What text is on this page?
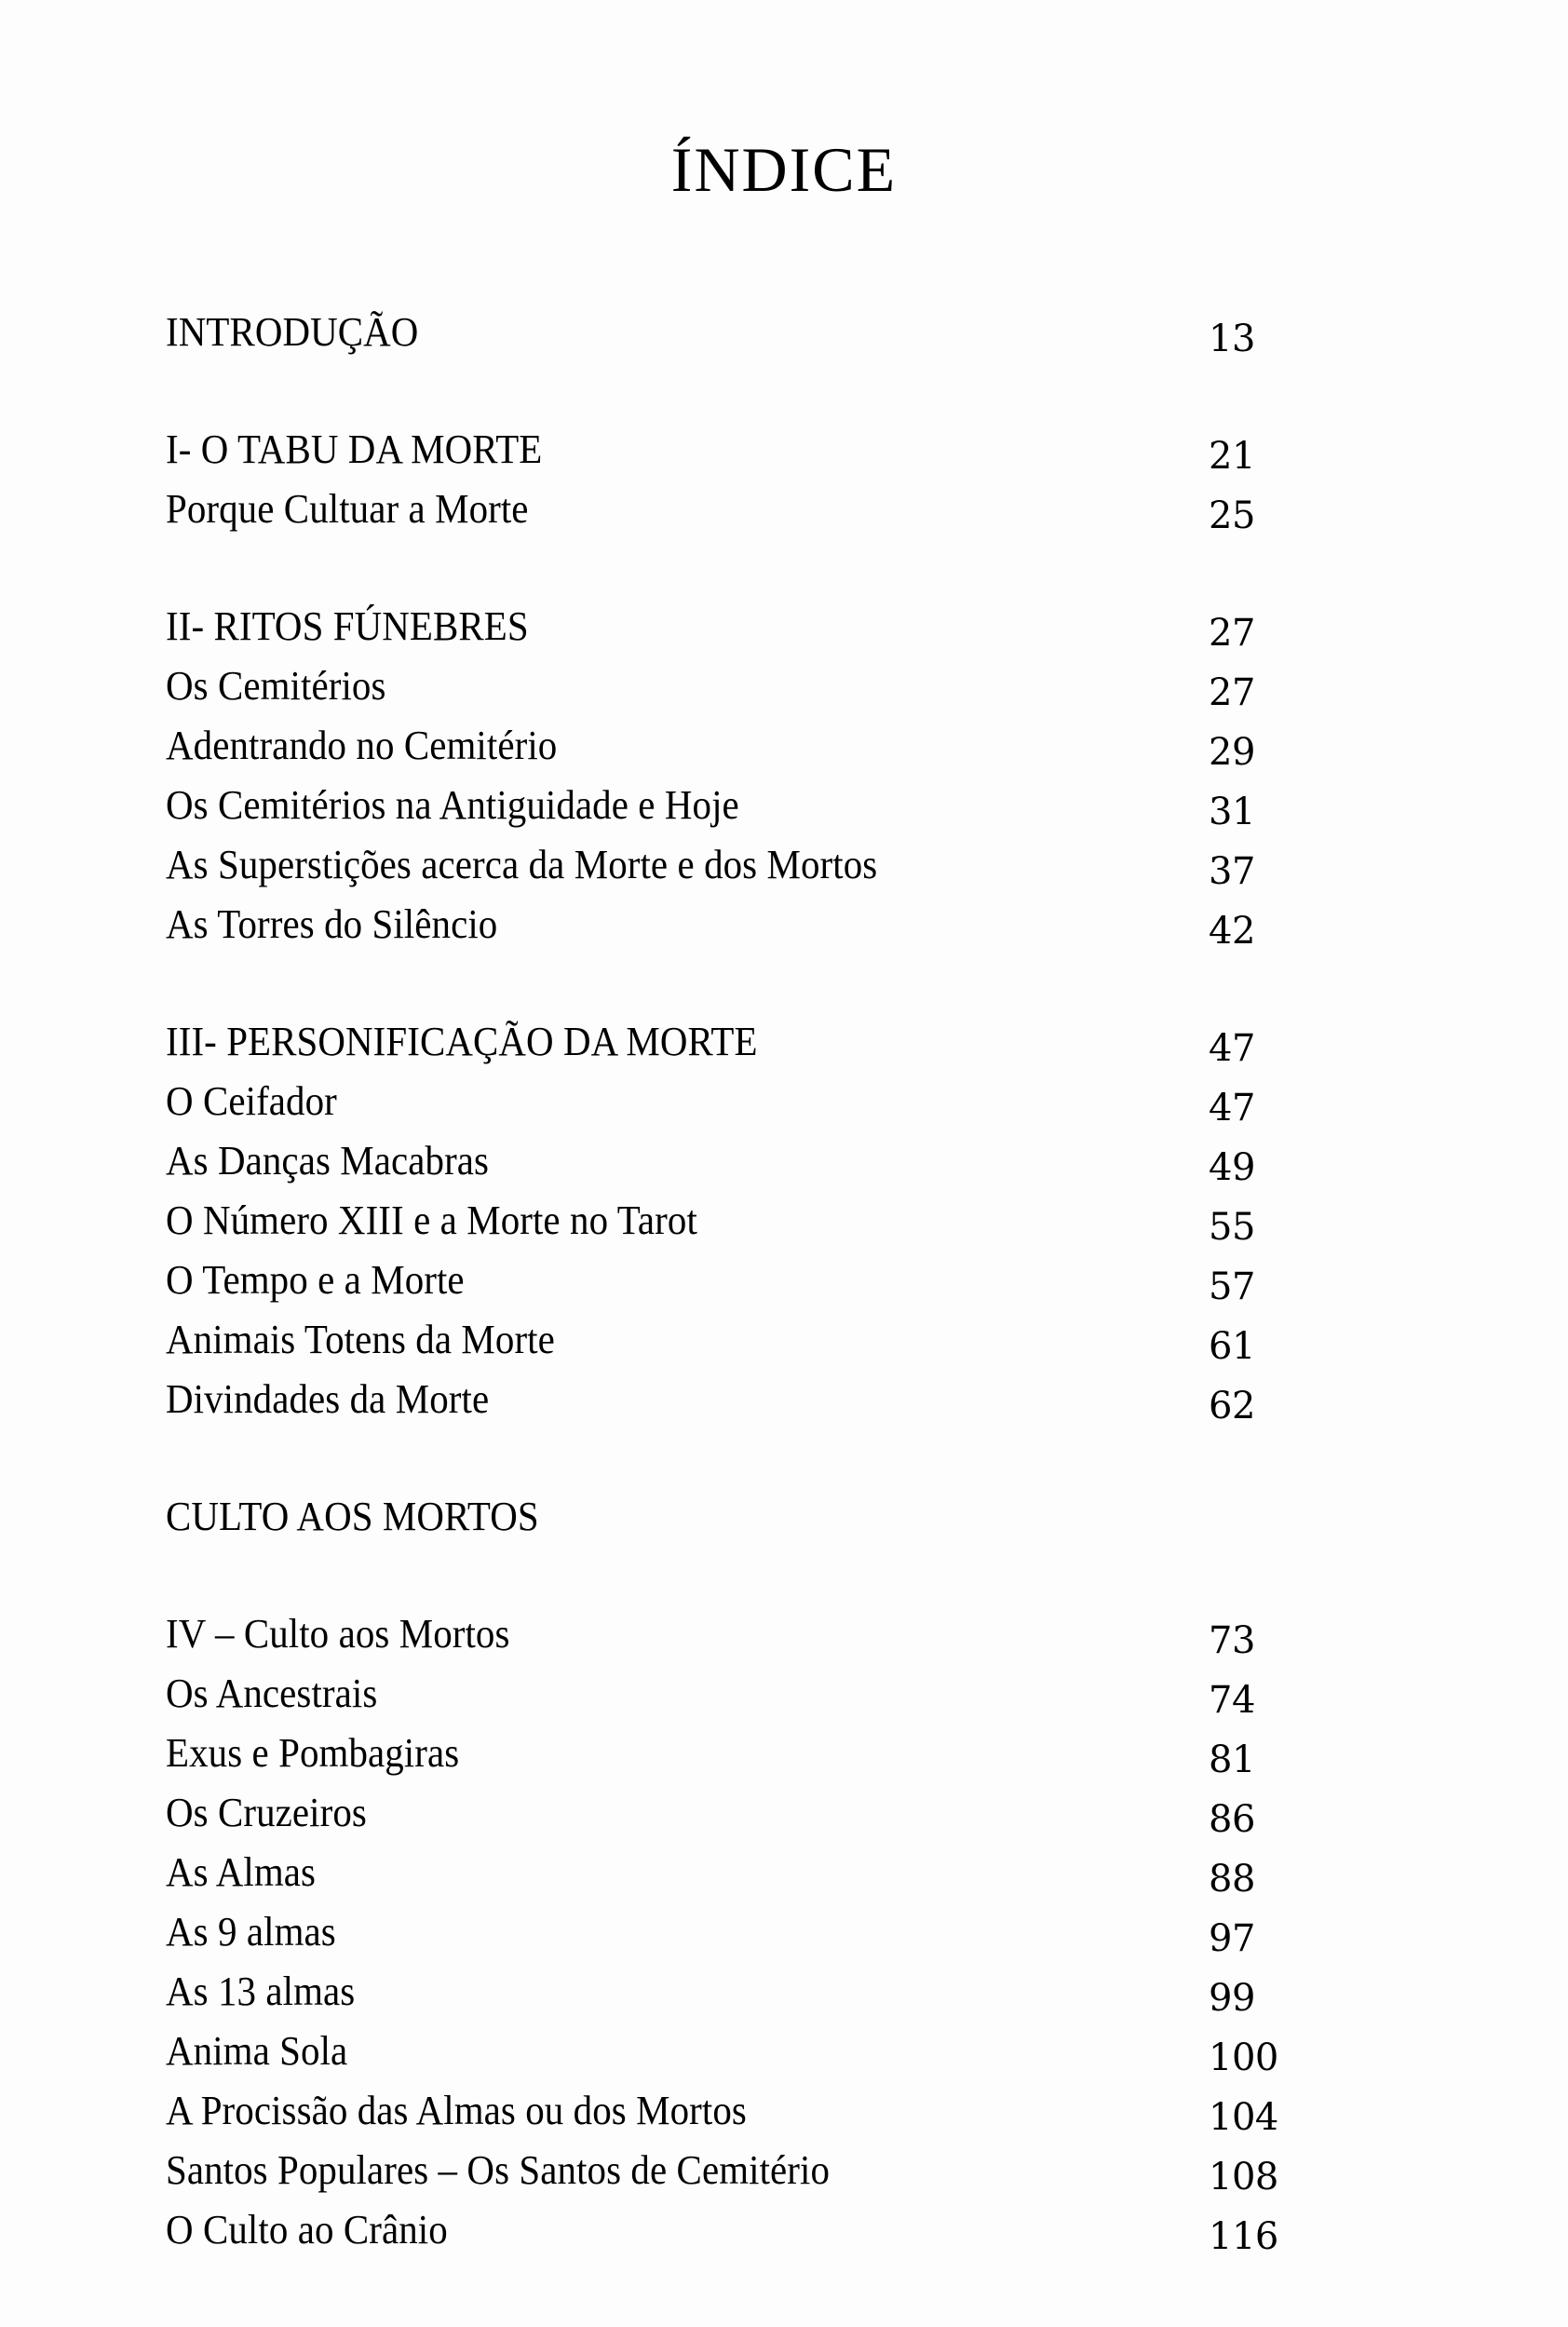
ÍNDICE
INTRODUÇÃO	13
I- O TABU DA MORTE	21
Porque Cultuar a Morte	25
II- RITOS FÚNEBRES	27
Os Cemitérios	27
Adentrando no Cemitério	29
Os Cemitérios na Antiguidade e Hoje	31
As Superstições acerca da Morte e dos Mortos	37
As Torres do Silêncio	42
III- PERSONIFICAÇÃO DA MORTE	47
O Ceifador	47
As Danças Macabras	49
O Número XIII e a Morte no Tarot	55
O Tempo e a Morte	57
Animais Totens da Morte	61
Divindades da Morte	62
CULTO AOS MORTOS
IV – Culto aos Mortos	73
Os Ancestrais	74
Exus e Pombagiras	81
Os Cruzeiros	86
As Almas	88
As 9 almas	97
As 13 almas	99
Anima Sola	100
A Procissão das Almas ou dos Mortos	104
Santos Populares – Os Santos de Cemitério	108
O Culto ao Crânio	116
